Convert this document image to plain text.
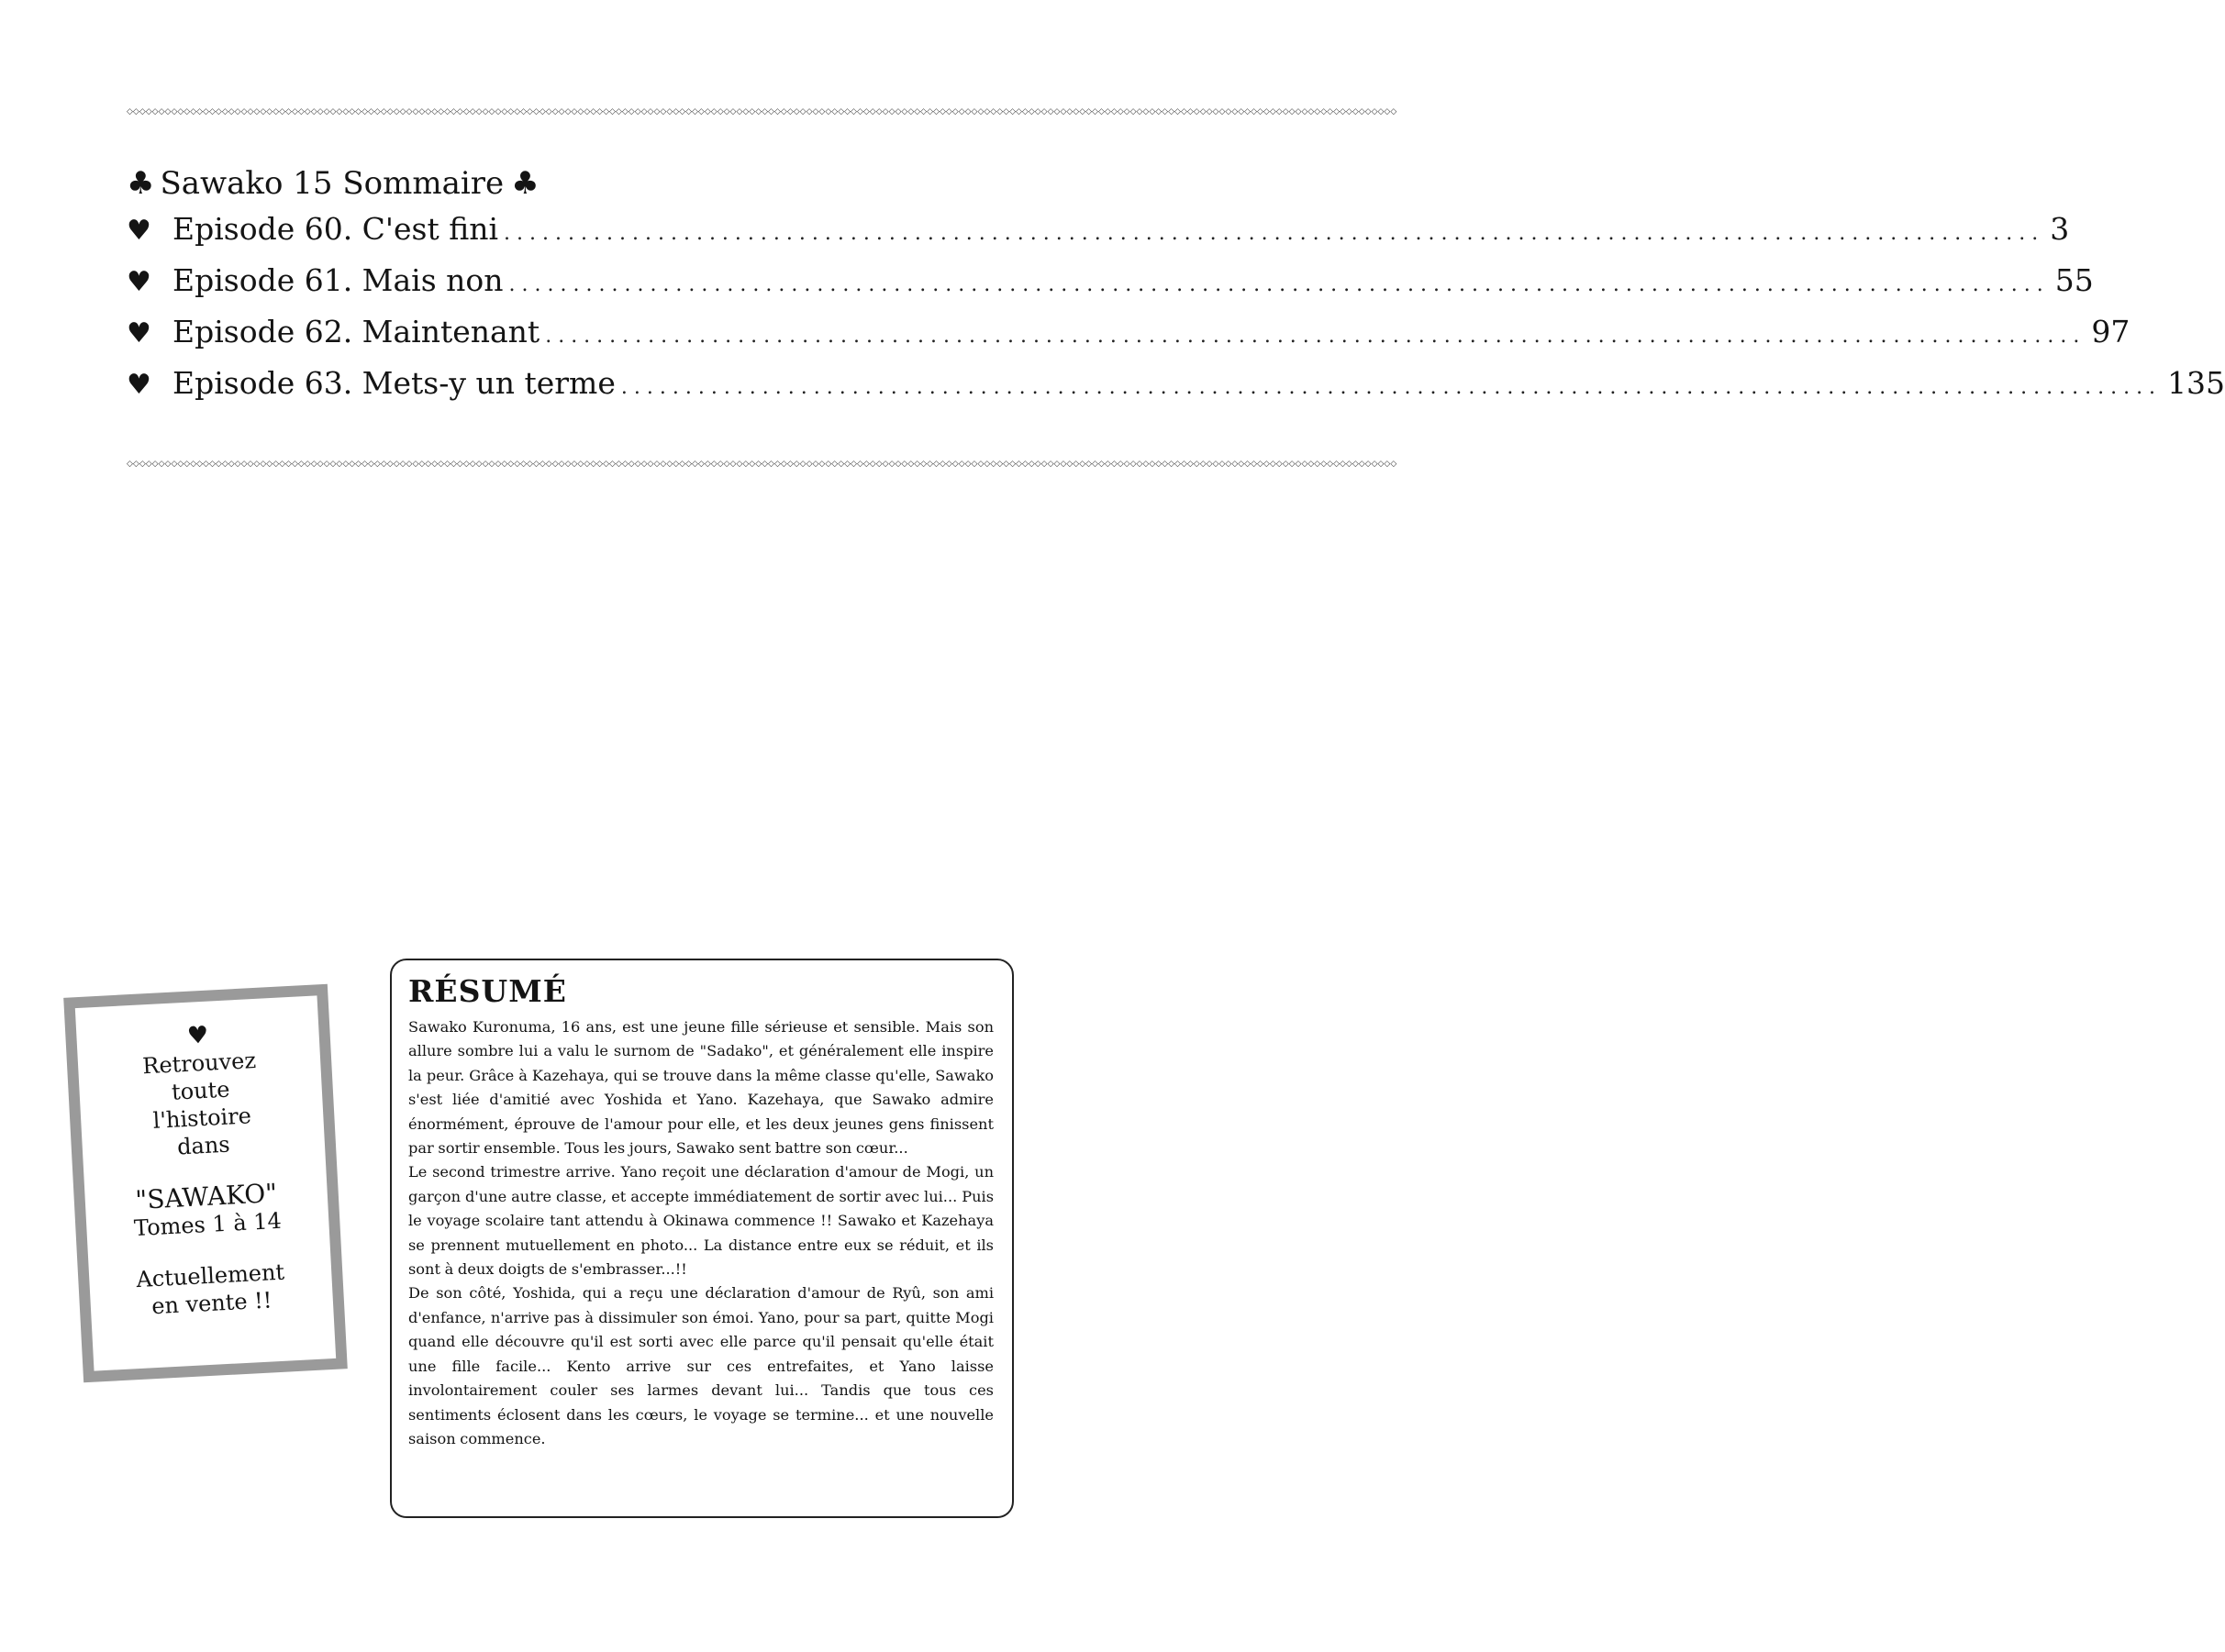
◇◇◇◇◇◇◇◇◇◇◇◇◇◇◇◇◇◇◇◇◇◇◇◇◇◇◇◇◇◇◇◇◇◇◇◇◇◇◇◇◇◇◇◇◇◇◇◇◇◇◇◇◇◇◇◇◇◇◇◇◇◇◇◇◇◇◇◇◇◇◇◇◇◇◇◇◇◇◇◇◇◇◇◇◇◇◇◇◇◇◇◇◇◇◇◇◇◇◇◇◇◇◇◇◇◇◇◇◇◇◇◇◇◇◇◇◇◇◇◇◇◇◇◇◇◇◇◇◇◇◇◇◇◇◇◇◇◇◇◇◇◇◇◇◇◇◇◇◇◇◇◇◇◇◇◇◇◇◇◇◇◇◇◇◇◇◇◇◇◇◇◇◇◇◇◇◇◇◇◇◇◇◇◇◇◇◇◇◇◇◇◇◇◇◇◇◇◇◇◇
♣ Sawako 15 Sommaire ♣
♥ Episode 60. C'est fini ........................................................................................................................ 3
♥ Episode 61. Mais non ........................................................................................................................ 55
♥ Episode 62. Maintenant ........................................................................................................................ 97
♥ Episode 63. Mets-y un terme ........................................................................................................................ 135
◇◇◇◇◇◇◇◇◇◇◇◇◇◇◇◇◇◇◇◇◇◇◇◇◇◇◇◇◇◇◇◇◇◇◇◇◇◇◇◇◇◇◇◇◇◇◇◇◇◇◇◇◇◇◇◇◇◇◇◇◇◇◇◇◇◇◇◇◇◇◇◇◇◇◇◇◇◇◇◇◇◇◇◇◇◇◇◇◇◇◇◇◇◇◇◇◇◇◇◇◇◇◇◇◇◇◇◇◇◇◇◇◇◇◇◇◇◇◇◇◇◇◇◇◇◇◇◇◇◇◇◇◇◇◇◇◇◇◇◇◇◇◇◇◇◇◇◇◇◇◇◇◇◇◇◇◇◇◇◇◇◇◇◇◇◇◇◇◇◇◇◇◇◇◇◇◇◇◇◇◇◇◇◇◇◇◇◇◇◇◇◇◇◇◇◇◇◇◇◇
♥
Retrouvez
toute
l'histoire
dans
"SAWAKO"
Tomes 1 à 14
Actuellement
en vente !!
RÉSUMÉ

Sawako Kuronuma, 16 ans, est une jeune fille sérieuse et sensible. Mais son allure sombre lui a valu le surnom de "Sadako", et généralement elle inspire la peur. Grâce à Kazehaya, qui se trouve dans la même classe qu'elle, Sawako s'est liée d'amitié avec Yoshida et Yano. Kazehaya, que Sawako admire énormément, éprouve de l'amour pour elle, et les deux jeunes gens finissent par sortir ensemble. Tous les jours, Sawako sent battre son cœur...

Le second trimestre arrive. Yano reçoit une déclaration d'amour de Mogi, un garçon d'une autre classe, et accepte immédiatement de sortir avec lui... Puis le voyage scolaire tant attendu à Okinawa commence !! Sawako et Kazehaya se prennent mutuellement en photo... La distance entre eux se réduit, et ils sont à deux doigts de s'embrasser...!!

De son côté, Yoshida, qui a reçu une déclaration d'amour de Ryû, son ami d'enfance, n'arrive pas à dissimuler son émoi. Yano, pour sa part, quitte Mogi quand elle découvre qu'il est sorti avec elle parce qu'il pensait qu'elle était une fille facile... Kento arrive sur ces entrefaites, et Yano laisse involontairement couler ses larmes devant lui... Tandis que tous ces sentiments éclosent dans les cœurs, le voyage se termine... et une nouvelle saison commence.
